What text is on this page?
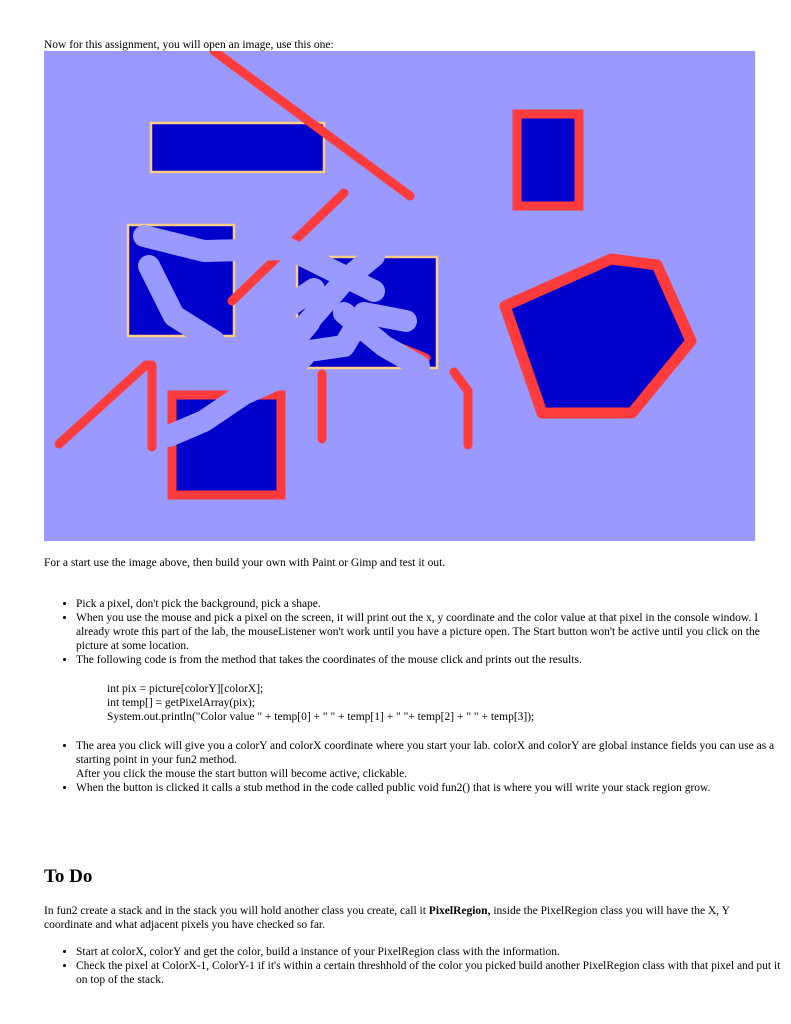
Now for this assignment, you will open an image, use this one:

For a start use the image above, then build your own with Paint or Gimp and test it out.

• Pick a pixel, don't pick the background, pick a shape.
• When you use the mouse and pick a pixel on the screen, it will print out the x, y coordinate and the color value at that pixel in the console window. I already wrote this part of the lab, the mouseListener won't work until you have a picture open. The Start button won't be active until you click on the picture at some location.
• The following code is from the method that takes the coordinates of the mouse click and prints out the results.
int pix = picture[colorY][colorX];
int temp[] = getPixelArray(pix);
System.out.println("Color value " + temp[0] + " " + temp[1] + " "+ temp[2] + " " + temp[3]);
• The area you click will give you a colorY and colorX coordinate where you start your lab. colorX and colorY are global instance fields you can use as a starting point in your fun2 method.
After you click the mouse the start button will become active, clickable.
• When the button is clicked it calls a stub method in the code called public void fun2() that is where you will write your stack region grow.
To Do

In fun2 create a stack and in the stack you will hold another class you create, call it PixelRegion, inside the PixelRegion class you will have the X, Y coordinate and what adjacent pixels you have checked so far.

• Start at colorX, colorY and get the color, build a instance of your PixelRegion class with the information.
• Check the pixel at ColorX-1, ColorY-1 if it's within a certain threshhold of the color you picked build another PixelRegion class with that pixel and put it on top of the stack.
